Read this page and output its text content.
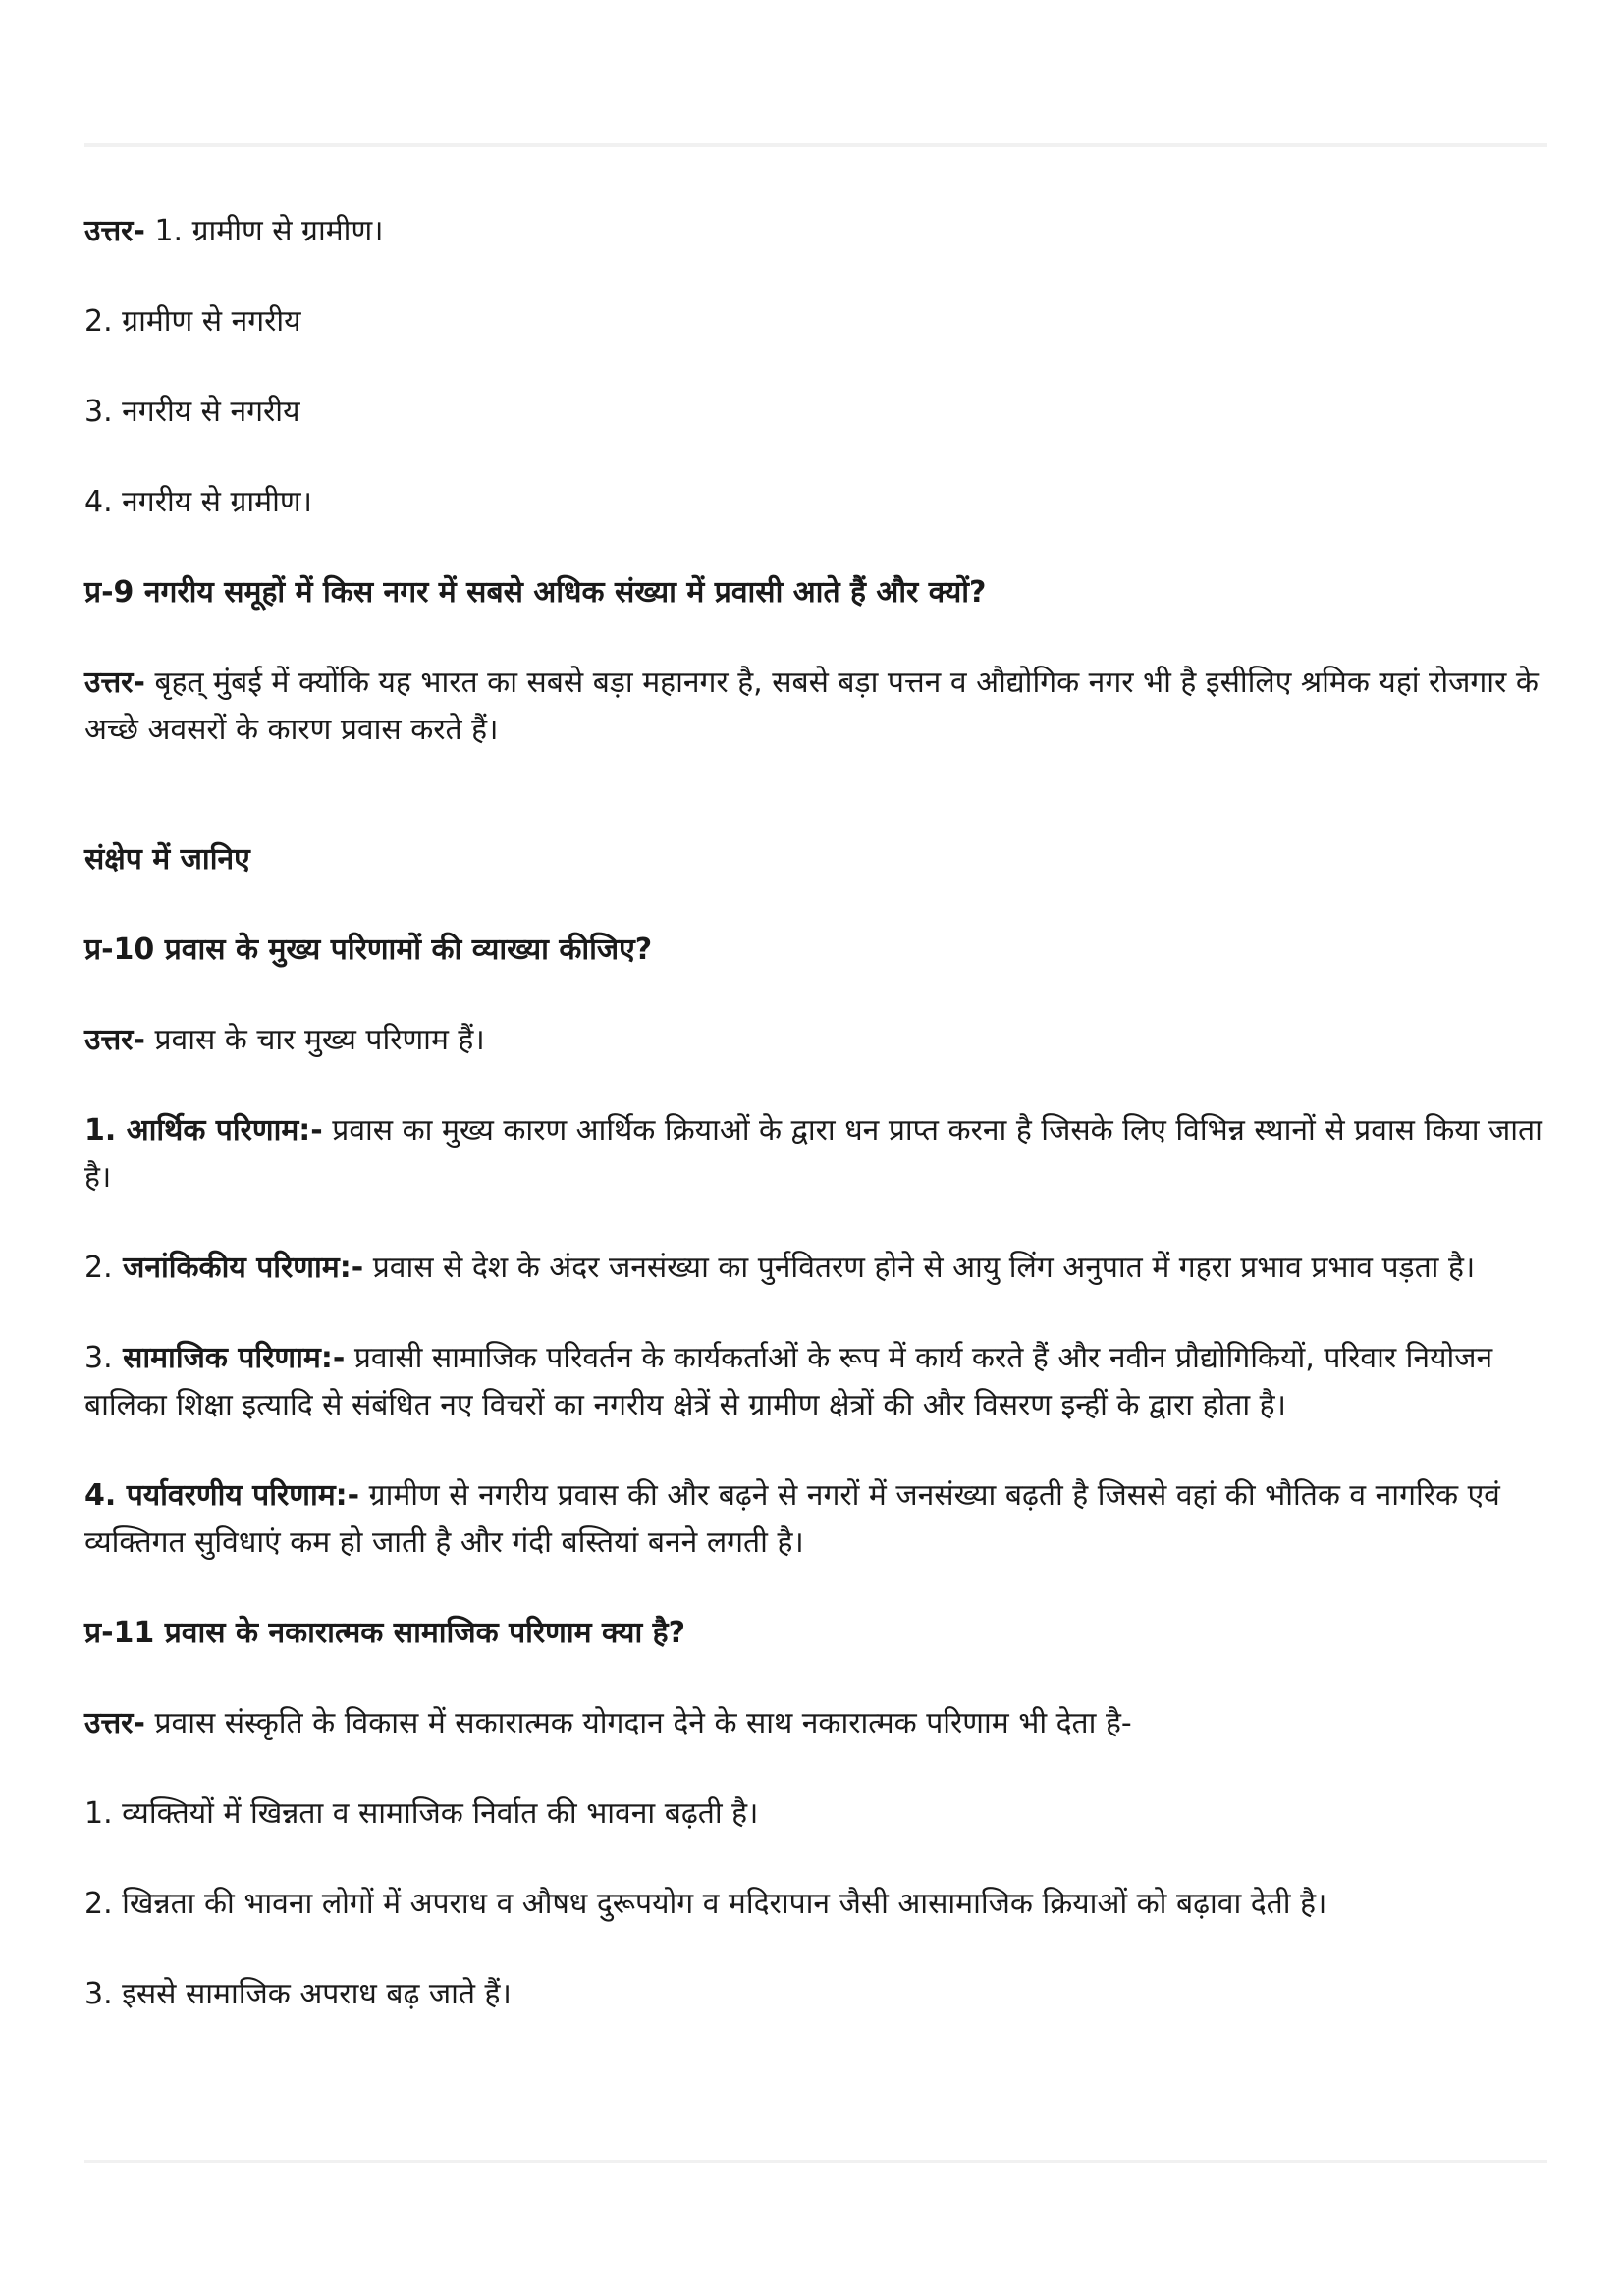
उत्तर- 1. ग्रामीण से ग्रामीण।

2. ग्रामीण से नगरीय

3. नगरीय से नगरीय

4. नगरीय से ग्रामीण।

प्र-9 नगरीय समूहों में किस नगर में सबसे अधिक संख्या में प्रवासी आते हैं और क्यों?

उत्तर- बृहत् मुंबई में क्योंकि यह भारत का सबसे बड़ा महानगर है, सबसे बड़ा पत्तन व औद्योगिक नगर भी है इसीलिए श्रमिक यहां रोजगार के अच्छे अवसरों के कारण प्रवास करते हैं।

संक्षेप में जानिए

प्र-10 प्रवास के मुख्य परिणामों की व्याख्या कीजिए?

उत्तर- प्रवास के चार मुख्य परिणाम हैं।

1. आर्थिक परिणाम:- प्रवास का मुख्य कारण आर्थिक क्रियाओं के द्वारा धन प्राप्त करना है जिसके लिए विभिन्न स्थानों से प्रवास किया जाता है।

2. जनांकिकीय परिणाम:- प्रवास से देश के अंदर जनसंख्या का पुर्नवितरण होने से आयु लिंग अनुपात में गहरा प्रभाव प्रभाव पड़ता है।

3. सामाजिक परिणाम:- प्रवासी सामाजिक परिवर्तन के कार्यकर्ताओं के रूप में कार्य करते हैं और नवीन प्रौद्योगिकियों, परिवार नियोजन बालिका शिक्षा इत्यादि से संबंधित नए विचरों का नगरीय क्षेत्रें से ग्रामीण क्षेत्रों की और विसरण इन्हीं के द्वारा होता है।

4. पर्यावरणीय परिणाम:- ग्रामीण से नगरीय प्रवास की और बढ़ने से नगरों में जनसंख्या बढ़ती है जिससे वहां की भौतिक व नागरिक एवं व्यक्तिगत सुविधाएं कम हो जाती है और गंदी बस्तियां बनने लगती है।

प्र-11 प्रवास के नकारात्मक सामाजिक परिणाम क्या है?

उत्तर- प्रवास संस्कृति के विकास में सकारात्मक योगदान देने के साथ नकारात्मक परिणाम भी देता है-

1. व्यक्तियों में खिन्नता व सामाजिक निर्वात की भावना बढ़ती है।

2. खिन्नता की भावना लोगों में अपराध व औषध दुरूपयोग व मदिरापान जैसी आसामाजिक क्रियाओं को बढ़ावा देती है।

3. इससे सामाजिक अपराध बढ़ जाते हैं।
